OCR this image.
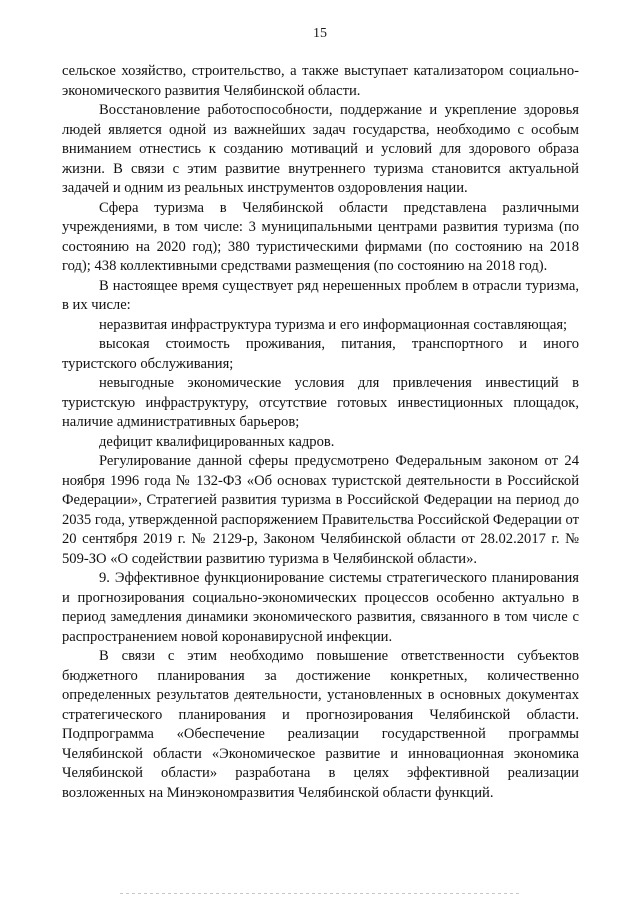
15

сельское хозяйство, строительство, а также выступает катализатором социально-экономического развития Челябинской области.

Восстановление работоспособности, поддержание и укрепление здоровья людей является одной из важнейших задач государства, необходимо с особым вниманием отнестись к созданию мотиваций и условий для здорового образа жизни. В связи с этим развитие внутреннего туризма становится актуальной задачей и одним из реальных инструментов оздоровления нации.

Сфера туризма в Челябинской области представлена различными учреждениями, в том числе: 3 муниципальными центрами развития туризма (по состоянию на 2020 год); 380 туристическими фирмами (по состоянию на 2018 год); 438 коллективными средствами размещения (по состоянию на 2018 год).

В настоящее время существует ряд нерешенных проблем в отрасли туризма, в их числе:

неразвитая инфраструктура туризма и его информационная составляющая;

высокая стоимость проживания, питания, транспортного и иного туристского обслуживания;

невыгодные экономические условия для привлечения инвестиций в туристскую инфраструктуру, отсутствие готовых инвестиционных площадок, наличие административных барьеров;

дефицит квалифицированных кадров.

Регулирование данной сферы предусмотрено Федеральным законом от 24 ноября 1996 года № 132-ФЗ «Об основах туристской деятельности в Российской Федерации», Стратегией развития туризма в Российской Федерации на период до 2035 года, утвержденной распоряжением Правительства Российской Федерации от 20 сентября 2019 г. № 2129-р, Законом Челябинской области от 28.02.2017 г. № 509-ЗО «О содействии развитию туризма в Челябинской области».

9. Эффективное функционирование системы стратегического планирования и прогнозирования социально-экономических процессов особенно актуально в период замедления динамики экономического развития, связанного в том числе с распространением новой коронавирусной инфекции.

В связи с этим необходимо повышение ответственности субъектов бюджетного планирования за достижение конкретных, количественно определенных результатов деятельности, установленных в основных документах стратегического планирования и прогнозирования Челябинской области. Подпрограмма «Обеспечение реализации государственной программы Челябинской области «Экономическое развитие и инновационная экономика Челябинской области» разработана в целях эффективной реализации возложенных на Минэкономразвития Челябинской области функций.
